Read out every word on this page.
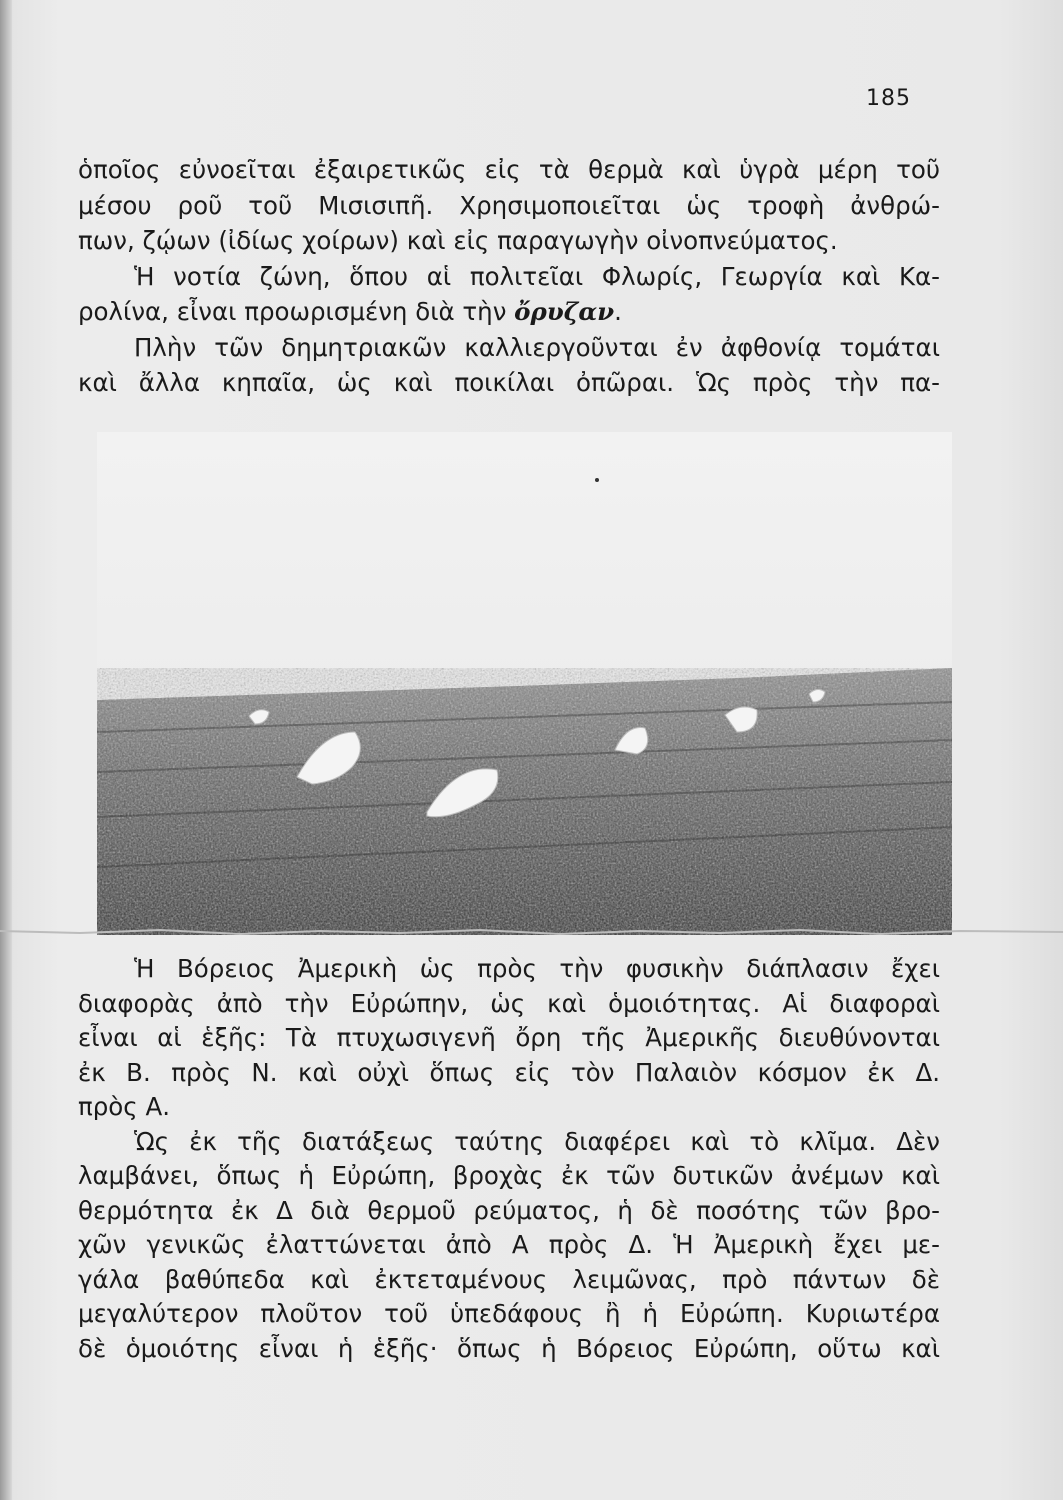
185
ὁποῖος εὐνοεῖται ἐξαιρετικῶς εἰς τὰ θερμὰ καὶ ὑγρὰ μέρη τοῦ
μέσου ροῦ τοῦ Μισισιπῆ. Χρησιμοποιεῖται ὡς τροφὴ ἀνθρώ-
πων, ζῴων (ἰδίως χοίρων) καὶ εἰς παραγωγὴν οἰνοπνεύματος.
Ἡ νοτία ζώνη, ὅπου αἱ πολιτεῖαι Φλωρίς, Γεωργία καὶ Κα-
ρολίνα, εἶναι προωρισμένη διὰ τὴν ὄρυζαν.
Πλὴν τῶν δημητριακῶν καλλιεργοῦνται ἐν ἀφθονίᾳ τομάται
καὶ ἄλλα κηπαῖα, ὡς καὶ ποικίλαι ὀπῶραι. Ὡς πρὸς τὴν πα-
Ἡ Βόρειος Ἀμερικὴ ὡς πρὸς τὴν φυσικὴν διάπλασιν ἔχει
διαφορὰς ἀπὸ τὴν Εὐρώπην, ὡς καὶ ὁμοιότητας. Αἱ διαφοραὶ
εἶναι αἱ ἑξῆς: Τὰ πτυχωσιγενῆ ὄρη τῆς Ἀμερικῆς διευθύνονται
ἐκ Β. πρὸς Ν. καὶ οὐχὶ ὅπως εἰς τὸν Παλαιὸν κόσμον ἐκ Δ.
πρὸς Α.
Ὡς ἐκ τῆς διατάξεως ταύτης διαφέρει καὶ τὸ κλῖμα. Δὲν
λαμβάνει, ὅπως ἡ Εὐρώπη, βροχὰς ἐκ τῶν δυτικῶν ἀνέμων καὶ
θερμότητα ἐκ Δ διὰ θερμοῦ ρεύματος, ἡ δὲ ποσότης τῶν βρο-
χῶν γενικῶς ἐλαττώνεται ἀπὸ Α πρὸς Δ. Ἡ Ἀμερικὴ ἔχει με-
γάλα βαθύπεδα καὶ ἐκτεταμένους λειμῶνας, πρὸ πάντων δὲ
μεγαλύτερον πλοῦτον τοῦ ὑπεδάφους ἢ ἡ Εὐρώπη. Κυριωτέρα
δὲ ὁμοιότης εἶναι ἡ ἑξῆς· ὅπως ἡ Βόρειος Εὐρώπη, οὕτω καὶ
